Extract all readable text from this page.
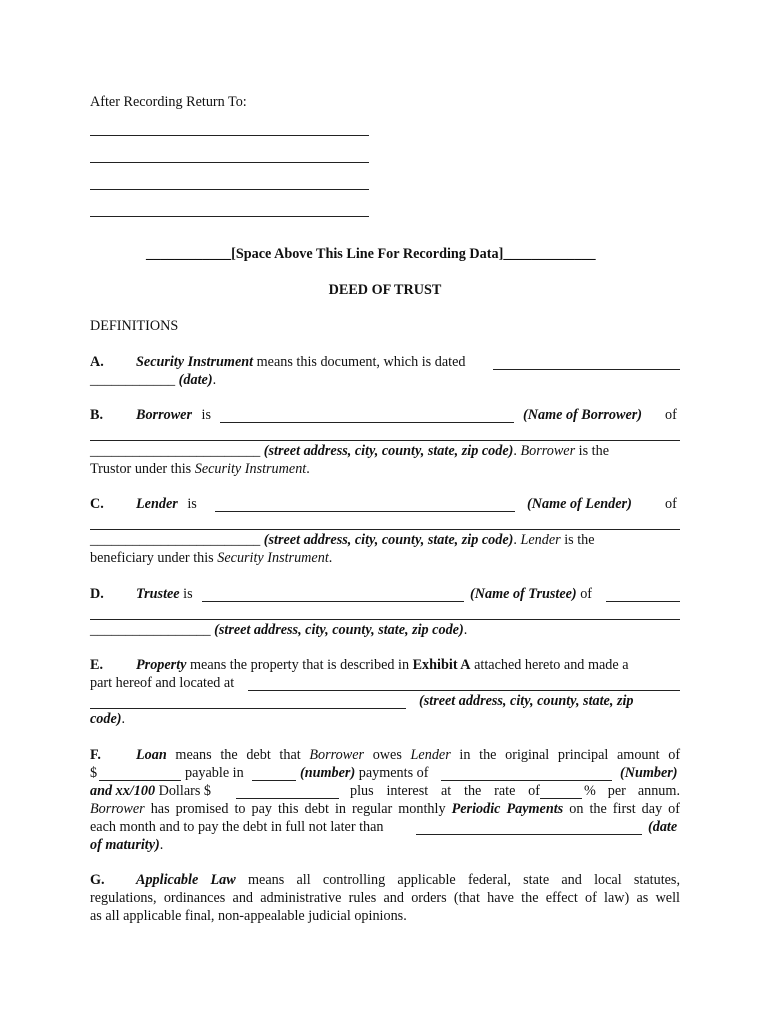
After Recording Return To:
____________[Space Above This Line For Recording Data]_____________
DEED OF TRUST
DEFINITIONS
A. Security Instrument means this document, which is dated
____________ (date).
B. Borrower is	(Name of Borrower) of
________________________ (street address, city, county, state, zip code). Borrower is the
Trustor under this Security Instrument.
C. Lender is	(Name of Lender) of
________________________ (street address, city, county, state, zip code). Lender is the
beneficiary under this Security Instrument.
D. Trustee is	(Name of Trustee) of
_________________ (street address, city, county, state, zip code).
E. Property means the property that is described in Exhibit A attached hereto and made a
part hereof and located at
(street address, city, county, state, zip
code).
F. Loan means the debt that Borrower owes Lender in the original principal amount of
$	payable in	(number) payments of	(Number)
and xx/100 Dollars $	plus interest at the rate of	% per annum.
Borrower has promised to pay this debt in regular monthly Periodic Payments on the first day of
each month and to pay the debt in full not later than	(date
of maturity).
G. Applicable Law means all controlling applicable federal, state and local statutes,
regulations, ordinances and administrative rules and orders (that have the effect of law) as well
as all applicable final, non-appealable judicial opinions.
